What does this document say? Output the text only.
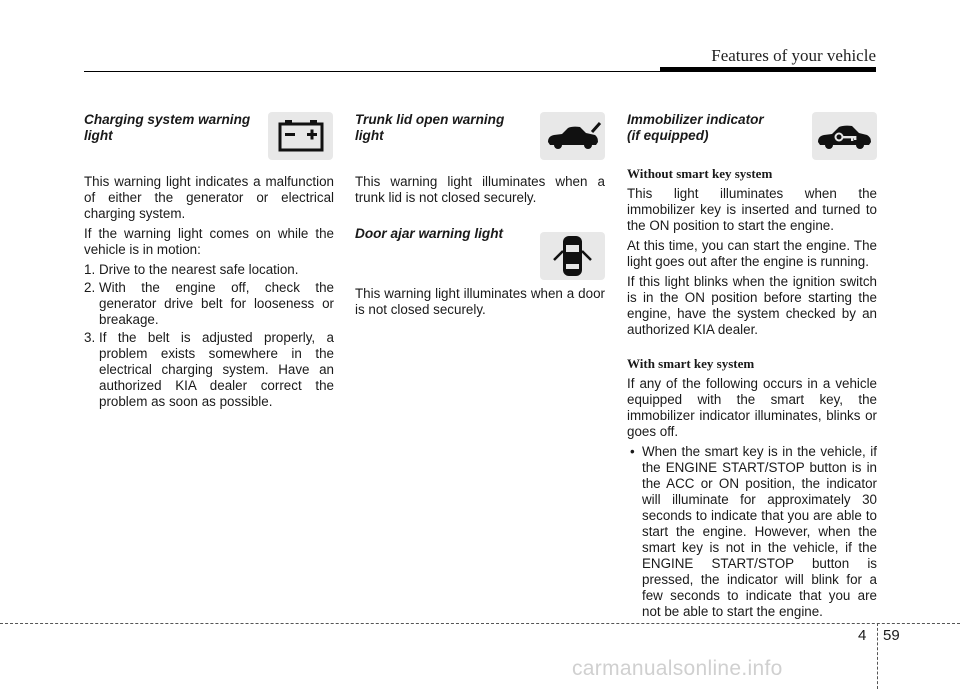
Features of your vehicle
Charging system warning light

This warning light indicates a malfunction of either the generator or electrical charging system.

If the warning light comes on while the vehicle is in motion:

1. Drive to the nearest safe location.
2. With the engine off, check the generator drive belt for looseness or breakage.
3. If the belt is adjusted properly, a problem exists somewhere in the electrical charging system. Have an authorized KIA dealer correct the problem as soon as possible.
Trunk lid open warning light

This warning light illuminates when a trunk lid is not closed securely.

Door ajar warning light

This warning light illuminates when a door is not closed securely.

Immobilizer indicator
(if equipped)
Without smart key system

This light illuminates when the immobilizer key is inserted and turned to the ON position to start the engine.

At this time, you can start the engine. The light goes out after the engine is running.

If this light blinks when the ignition switch is in the ON position before starting the engine, have the system checked by an authorized KIA dealer.

With smart key system

If any of the following occurs in a vehicle equipped with the smart key, the immobilizer indicator illuminates, blinks or goes off.

• When the smart key is in the vehicle, if the ENGINE START/STOP button is in the ACC or ON position, the indicator will illuminate for approximately 30 seconds to indicate that you are able to start the engine. However, when the smart key is not in the vehicle, if the ENGINE START/STOP button is pressed, the indicator will blink for a few seconds to indicate that you are not be able to start the engine.
4 59
carmanualsonline.info
